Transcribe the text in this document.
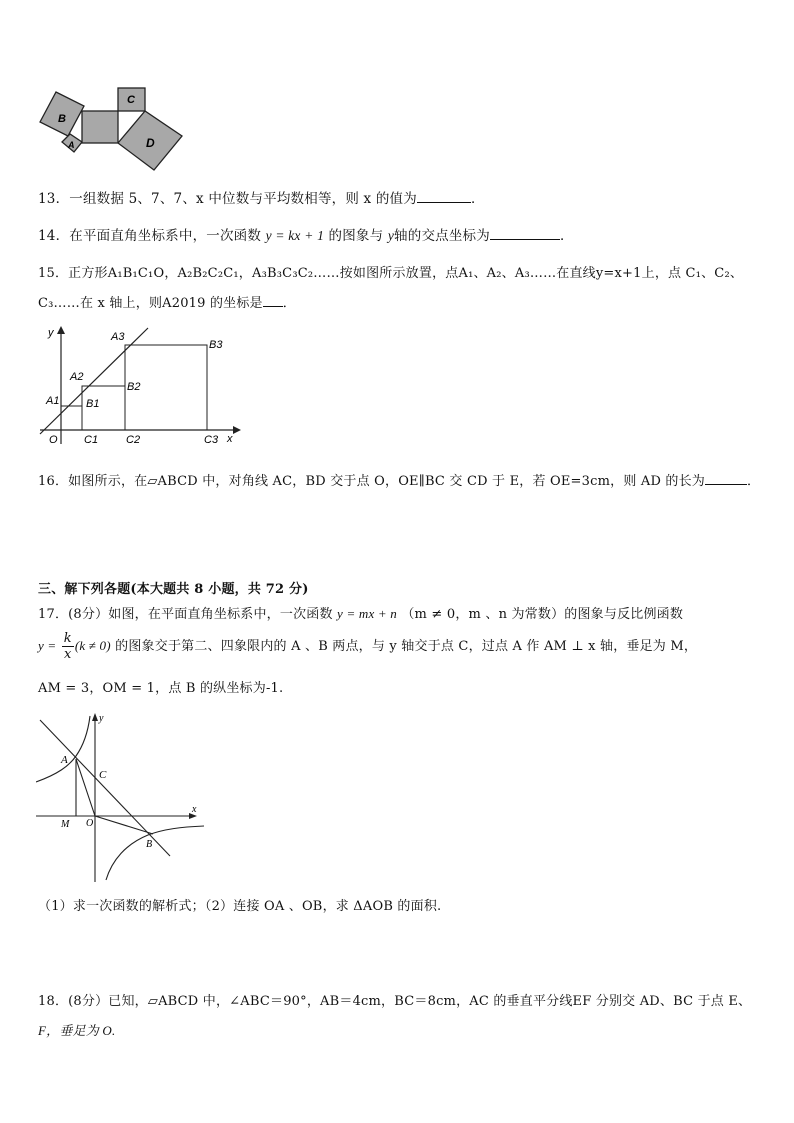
B
A
C
D
13．一组数据 5、7、7、x 中位数与平均数相等，则 x 的值为	．
14．在平面直角坐标系中，一次函数 y = kx + 1 的图象与 y轴的交点坐标为	．
15．正方形A₁B₁C₁O，A₂B₂C₂C₁，A₃B₃C₃C₂……按如图所示放置，点A₁、A₂、A₃……在直线y=x+1上，点 C₁、C₂、
C₃……在 x 轴上，则A2019 的坐标是 ．
y
x
O
A1
A2
A3
B1
B2
B3
C1	C2	C3
16．如图所示，在▱ABCD 中，对角线 AC，BD 交于点 O，OE∥BC 交 CD 于 E，若 OE=3cm，则 AD 的长为	．
三、解下列各题(本大题共 8 小题，共 72 分)
17．(8分）如图，在平面直角坐标系中，一次函数 y = mx + n （m ≠ 0，m 、n 为常数）的图象与反比例函数
$y = \frac{k}{x} (k \ne 0)$ 的图象交于第二、四象限内的 A 、B 两点，与 y 轴交于点 C，过点 A 作 AM ⊥ x 轴，垂足为 M，
AM = 3，OM = 1，点 B 的纵坐标为-1.
y
x
A
C
M O
B
（1）求一次函数的解析式；（2）连接 OA 、OB，求 ΔAOB 的面积.
18．(8分）已知，▱ABCD 中，∠ABC＝90°，AB＝4cm，BC＝8cm，AC 的垂直平分线EF 分别交 AD、BC 于点 E、
F，垂足为 O.
